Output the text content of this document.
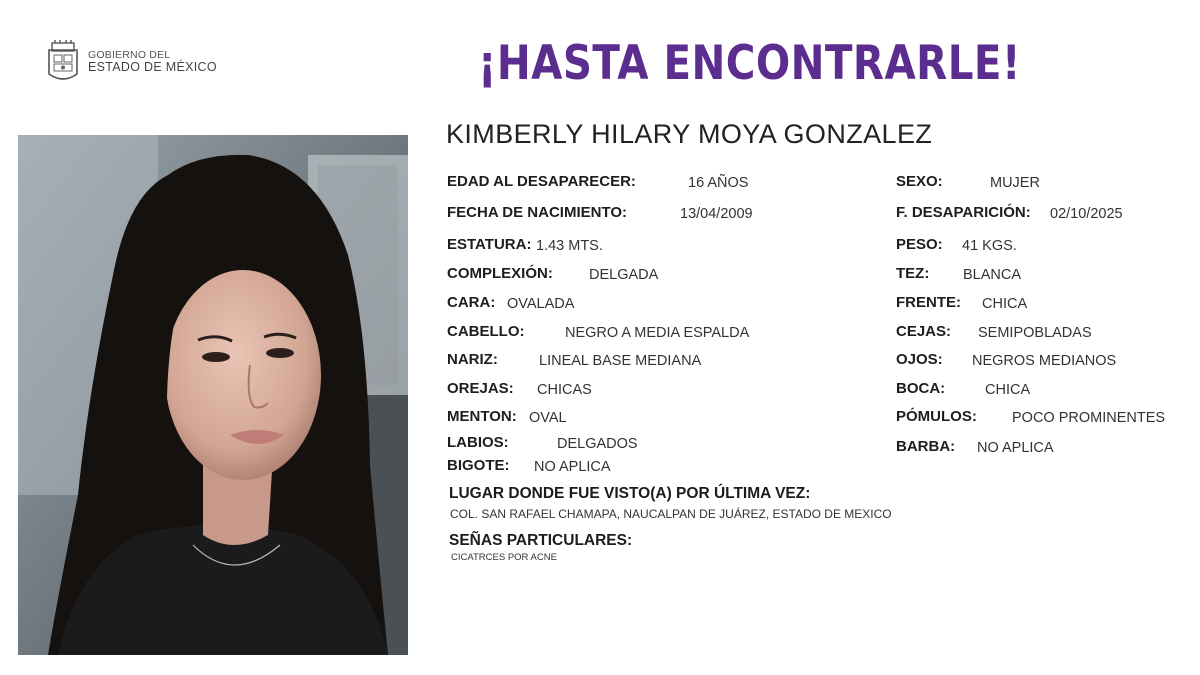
GOBIERNO DEL
ESTADO DE MÉXICO	¡HASTA ENCONTRARLE!
KIMBERLY HILARY MOYA GONZALEZ
EDAD AL DESAPARECER:	16 AÑOS
FECHA DE NACIMIENTO:	13/04/2009
ESTATURA: 1.43 MTS.
COMPLEXIÓN: DELGADA
CARA: OVALADA
CABELLO:	NEGRO A MEDIA ESPALDA
NARIZ:	LINEAL BASE MEDIANA
OREJAS: CHICAS
MENTON: OVAL
LABIOS:	DELGADOS
BIGOTE: NO APLICA
SEXO:	MUJER
F. DESAPARICIÓN: 02/10/2025
PESO: 41 KGS.
TEZ: BLANCA
FRENTE: CHICA
CEJAS: SEMIPOBLADAS
OJOS: NEGROS MEDIANOS
BOCA:	CHICA
PÓMULOS: POCO PROMINENTES
BARBA: NO APLICA
LUGAR DONDE FUE VISTO(A) POR ÚLTIMA VEZ:
COL. SAN RAFAEL CHAMAPA, NAUCALPAN DE JUÁREZ, ESTADO DE MEXICO
SEÑAS PARTICULARES:
CICATRCES POR ACNE
